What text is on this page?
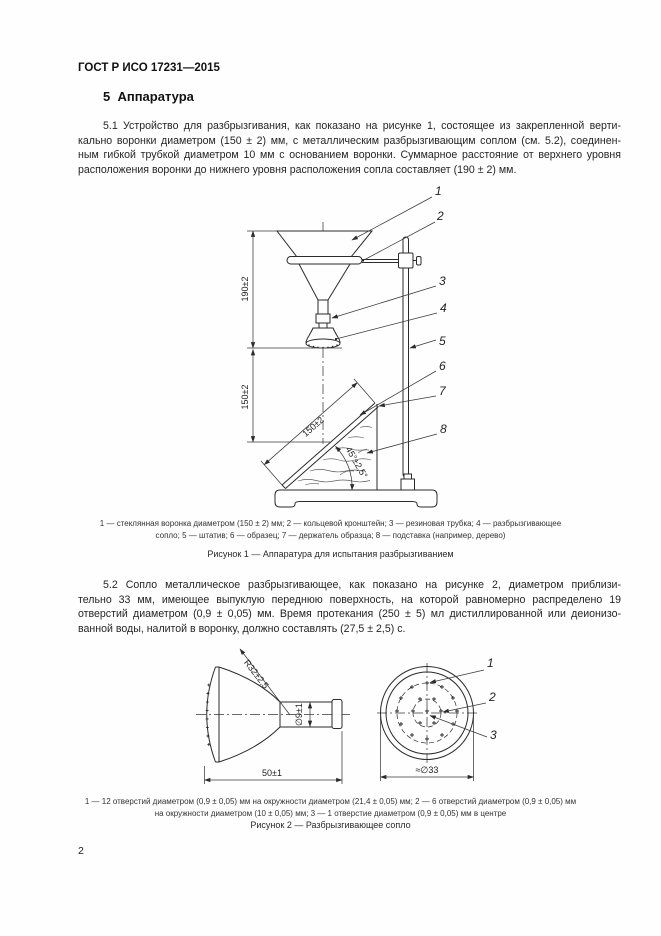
ГОСТ Р ИСО 17231—2015
5  Аппаратура
5.1 Устройство для разбрызгивания, как показано на рисунке 1, состоящее из закрепленной верти-
кально воронки диаметром (150 ± 2) мм, с металлическим разбрызгивающим соплом (см. 5.2), соединен-
ным гибкой трубкой диаметром 10 мм с основанием воронки. Суммарное расстояние от верхнего уровня
расположения воронки до нижнего уровня расположения сопла составляет (190 ± 2) мм.
190±2
150±2
150±2
45°±2,5°
1
2
3
4
5
6
7
8
1 — стеклянная воронка диаметром (150 ± 2) мм; 2 — кольцевой кронштейн; 3 — резиновая трубка; 4 — разбрызгивающее
сопло; 5 — штатив; 6 — образец; 7 — держатель образца; 8 — подставка (например, дерево)
Рисунок 1 — Аппаратура для испытания разбрызгиванием
5.2 Сопло металлическое разбрызгивающее, как показано на рисунке 2, диаметром приблизи-
тельно 33 мм, имеющее выпуклую переднюю поверхность, на которой равномерно распределено 19
отверстий диаметром (0,9 ± 0,05) мм. Время протекания (250 ± 5) мл дистиллированной или деионизо-
ванной воды, налитой в воронку, должно составлять (27,5 ± 2,5) с.
R32±2,5
∅9±1
50±1	≈∅33
1
2
3
1 — 12 отверстий диаметром (0,9 ± 0,05) мм на окружности диаметром (21,4 ± 0,05) мм; 2 — 6 отверстий диаметром (0,9 ± 0,05) мм
на окружности диаметром (10 ± 0,05) мм; 3 — 1 отверстие диаметром (0,9 ± 0,05) мм в центре
Рисунок 2 — Разбрызгивающее сопло
2
